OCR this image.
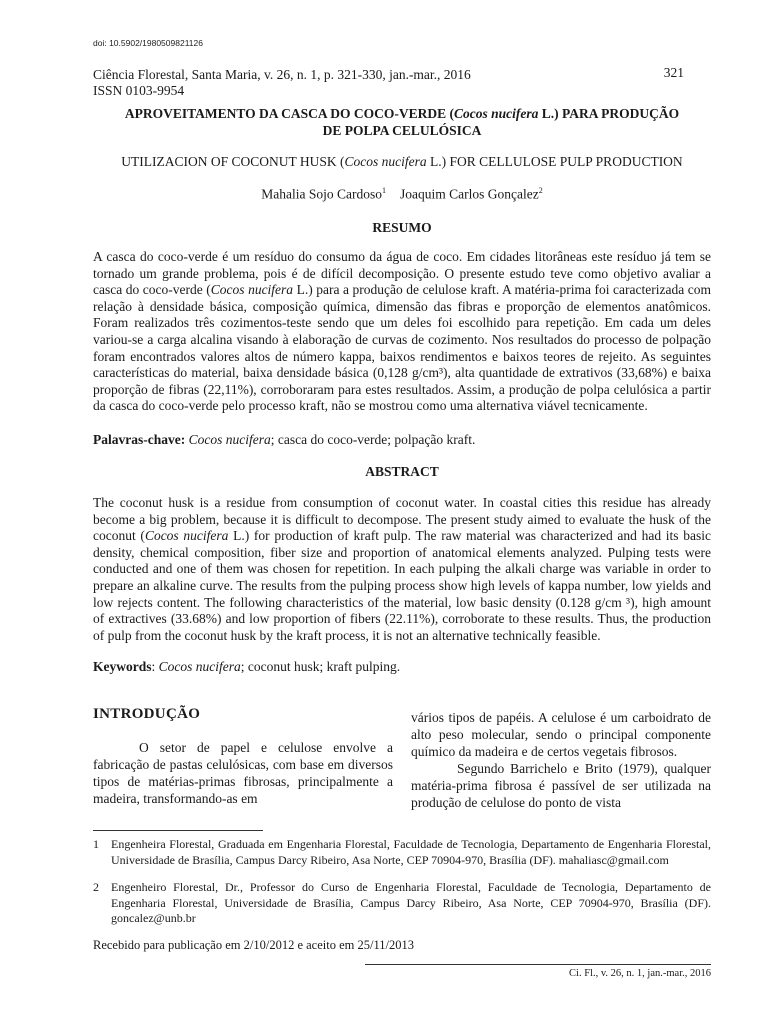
doi: 10.5902/1980509821126
Ciência Florestal, Santa Maria, v. 26, n. 1, p. 321-330, jan.-mar., 2016	321
ISSN 0103-9954
APROVEITAMENTO DA CASCA DO COCO-VERDE (Cocos nucifera L.) PARA PRODUÇÃO
DE POLPA CELULÓSICA
UTILIZACION OF COCONUT HUSK (Cocos nucifera L.) FOR CELLULOSE PULP PRODUCTION
Mahalia Sojo Cardoso$^1$ Joaquim Carlos Gonçalez$^2$
RESUMO

A casca do coco-verde é um resíduo do consumo da água de coco. Em cidades litorâneas este resíduo já tem se tornado um grande problema, pois é de difícil decomposição. O presente estudo teve como objetivo avaliar a casca do coco-verde (Cocos nucifera L.) para a produção de celulose kraft. A matéria-prima foi caracterizada com relação à densidade básica, composição química, dimensão das fibras e proporção de elementos anatômicos. Foram realizados três cozimentos-teste sendo que um deles foi escolhido para repetição. Em cada um deles variou-se a carga alcalina visando à elaboração de curvas de cozimento. Nos resultados do processo de polpação foram encontrados valores altos de número kappa, baixos rendimentos e baixos teores de rejeito. As seguintes características do material, baixa densidade básica (0,128 g/cm³), alta quantidade de extrativos (33,68%) e baixa proporção de fibras (22,11%), corroboraram para estes resultados. Assim, a produção de polpa celulósica a partir da casca do coco-verde pelo processo kraft, não se mostrou como uma alternativa viável tecnicamente.

Palavras-chave: Cocos nucifera; casca do coco-verde; polpação kraft.
ABSTRACT

The coconut husk is a residue from consumption of coconut water. In coastal cities this residue has already become a big problem, because it is difficult to decompose. The present study aimed to evaluate the husk of the coconut (Cocos nucifera L.) for production of kraft pulp. The raw material was characterized and had its basic density, chemical composition, fiber size and proportion of anatomical elements analyzed. Pulping tests were conducted and one of them was chosen for repetition. In each pulping the alkali charge was variable in order to prepare an alkaline curve. The results from the pulping process show high levels of kappa number, low yields and low rejects content. The following characteristics of the material, low basic density (0.128 g/cm ³), high amount of extractives (33.68%) and low proportion of fibers (22.11%), corroborate to these results. Thus, the production of pulp from the coconut husk by the kraft process, it is not an alternative technically feasible.

Keywords: Cocos nucifera; coconut husk; kraft pulping.
INTRODUÇÃO

O setor de papel e celulose envolve a fabricação de pastas celulósicas, com base em diversos tipos de matérias-primas fibrosas, principalmente a madeira, transformando-as em

vários tipos de papéis. A celulose é um carboidrato de alto peso molecular, sendo o principal componente químico da madeira e de certos vegetais fibrosos.
Segundo Barrichelo e Brito (1979), qualquer matéria-prima fibrosa é passível de ser utilizada na produção de celulose do ponto de vista

1 Engenheira Florestal, Graduada em Engenharia Florestal, Faculdade de Tecnologia, Departamento de Engenharia Florestal, Universidade de Brasília, Campus Darcy Ribeiro, Asa Norte, CEP 70904-970, Brasília (DF). mahaliasc@gmail.com
2 Engenheiro Florestal, Dr., Professor do Curso de Engenharia Florestal, Faculdade de Tecnologia, Departamento de Engenharia Florestal, Universidade de Brasília, Campus Darcy Ribeiro, Asa Norte, CEP 70904-970, Brasília (DF). goncalez@unb.br
Recebido para publicação em 2/10/2012 e aceito em 25/11/2013
Ci. Fl., v. 26, n. 1, jan.-mar., 2016
